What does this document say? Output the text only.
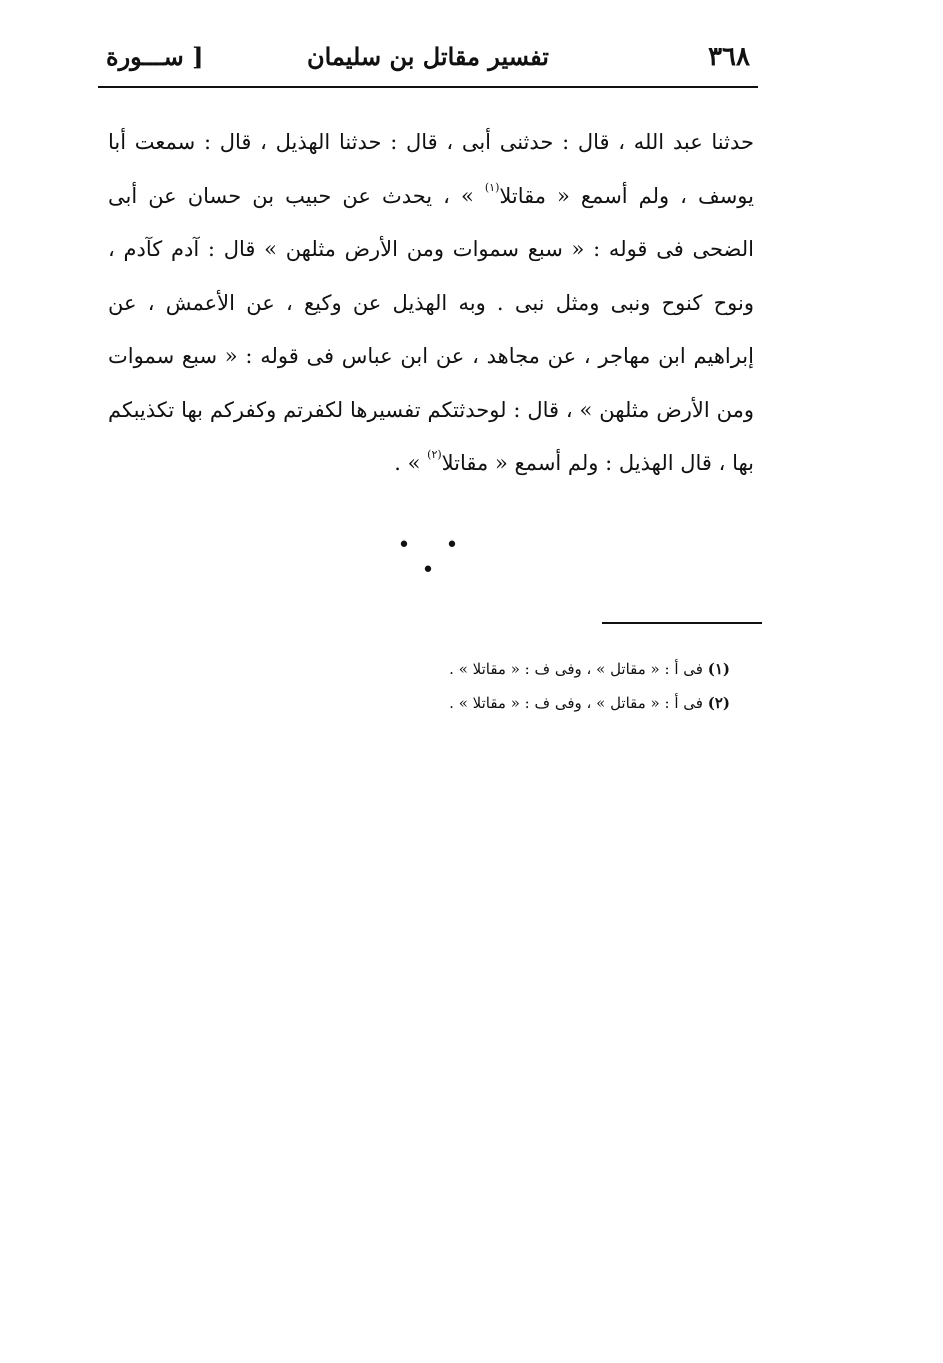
٣٦٨
تفسير مقاتل بن سليمان
[ ســـورة
حدثنا عبد الله ، قال : حدثنى أبى ، قال : حدثنا الهذيل ، قال : سمعت أبا يوسف ، ولم أسمع « مقاتلا$^{(١)}$ » ، يحدث عن حبيب بن حسان عن أبى الضحى فى قوله : « سبع سموات ومن الأرض مثلهن » قال : آدم كآدم ، ونوح كنوح ونبى ومثل نبى . وبه الهذيل عن وكيع ، عن الأعمش ، عن إبراهيم ابن مهاجر ، عن مجاهد ، عن ابن عباس فى قوله : « سبع سموات ومن الأرض مثلهن » ، قال : لوحدثتكم تفسيرها لكفرتم وكفركم بها تكذيبكم بها ، قال الهذيل : ولم أسمع « مقاتلا$^{(٢)}$ » .
• • •
(١) فى أ : « مقاتل » ، وفى ف : « مقاتلا » .
(٢) فى أ : « مقاتل » ، وفى ف : « مقاتلا » .
